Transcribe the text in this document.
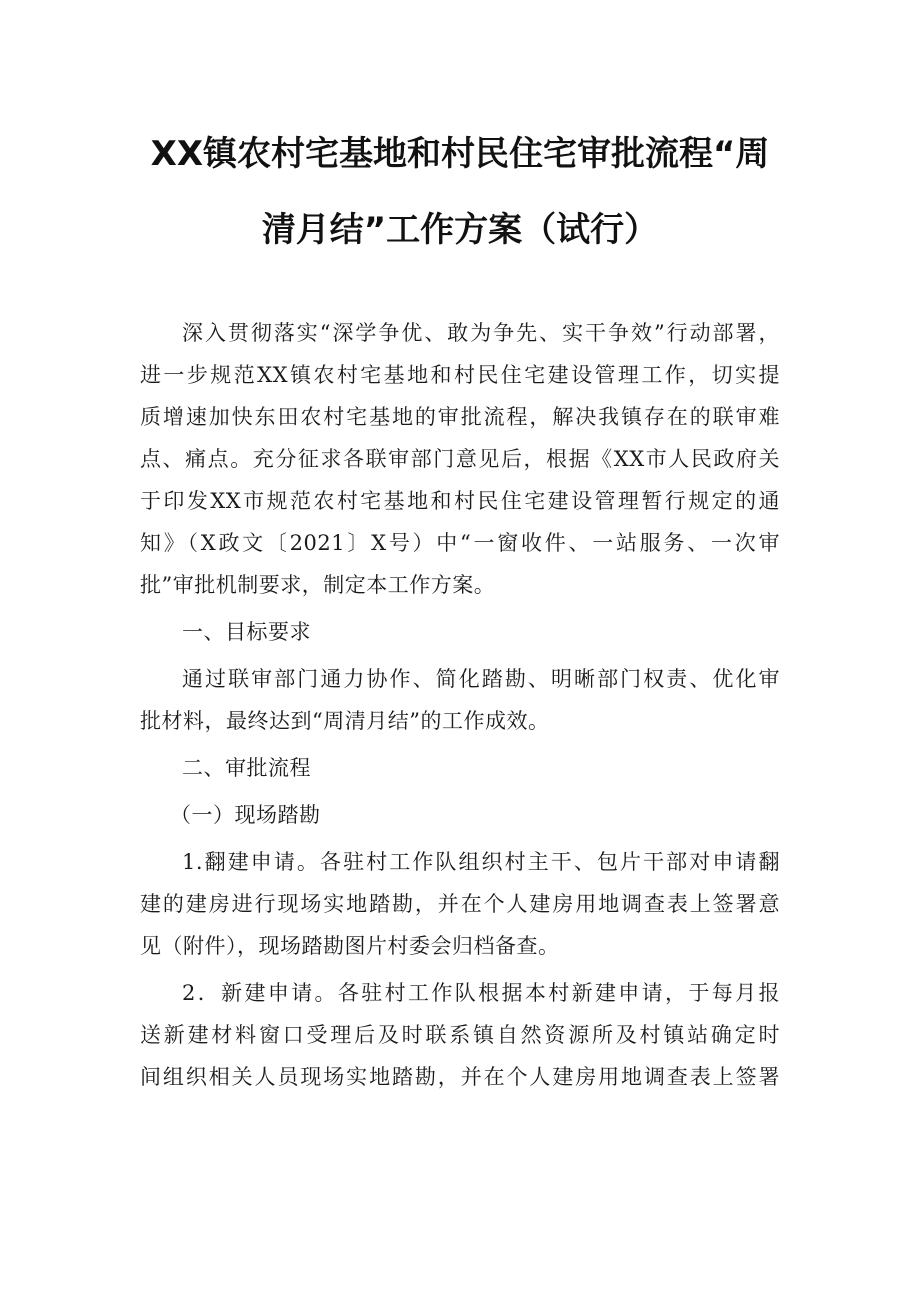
XX镇农村宅基地和村民住宅审批流程“周
清月结”工作方案（试行）

深入贯彻落实“深学争优、敢为争先、实干争效”行动部署，
进一步规范XX镇农村宅基地和村民住宅建设管理工作，切实提
质增速加快东田农村宅基地的审批流程，解决我镇存在的联审难
点、痛点。充分征求各联审部门意见后，根据《XX市人民政府关
于印发XX市规范农村宅基地和村民住宅建设管理暂行规定的通
知》（X政文〔2021〕X号）中“一窗收件、一站服务、一次审
批”审批机制要求，制定本工作方案。

一、目标要求

通过联审部门通力协作、简化踏勘、明晰部门权责、优化审
批材料，最终达到“周清月结”的工作成效。

二、审批流程

（一）现场踏勘

1.翻建申请。各驻村工作队组织村主干、包片干部对申请翻
建的建房进行现场实地踏勘，并在个人建房用地调查表上签署意
见（附件），现场踏勘图片村委会归档备查。

2．新建申请。各驻村工作队根据本村新建申请，于每月报
送新建材料窗口受理后及时联系镇自然资源所及村镇站确定时
间组织相关人员现场实地踏勘，并在个人建房用地调查表上签署
